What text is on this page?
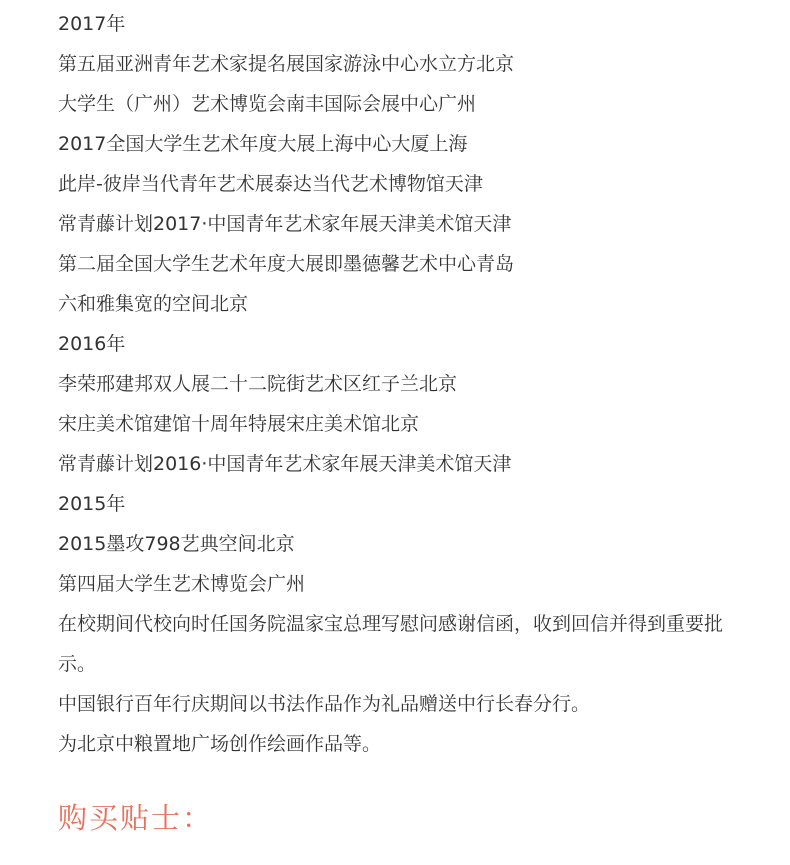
2017年
第五届亚洲青年艺术家提名展国家游泳中心水立方北京
大学生（广州）艺术博览会南丰国际会展中心广州
2017全国大学生艺术年度大展上海中心大厦上海
此岸-彼岸当代青年艺术展泰达当代艺术博物馆天津
常青藤计划2017·中国青年艺术家年展天津美术馆天津
第二届全国大学生艺术年度大展即墨德馨艺术中心青岛
六和雅集宽的空间北京
2016年
李荣邢建邦双人展二十二院街艺术区红子兰北京
宋庄美术馆建馆十周年特展宋庄美术馆北京
常青藤计划2016·中国青年艺术家年展天津美术馆天津
2015年
2015墨攻798艺典空间北京
第四届大学生艺术博览会广州
在校期间代校向时任国务院温家宝总理写慰问感谢信函，收到回信并得到重要批示。
中国银行百年行庆期间以书法作品作为礼品赠送中行长春分行。
为北京中粮置地广场创作绘画作品等。
购买贴士：
